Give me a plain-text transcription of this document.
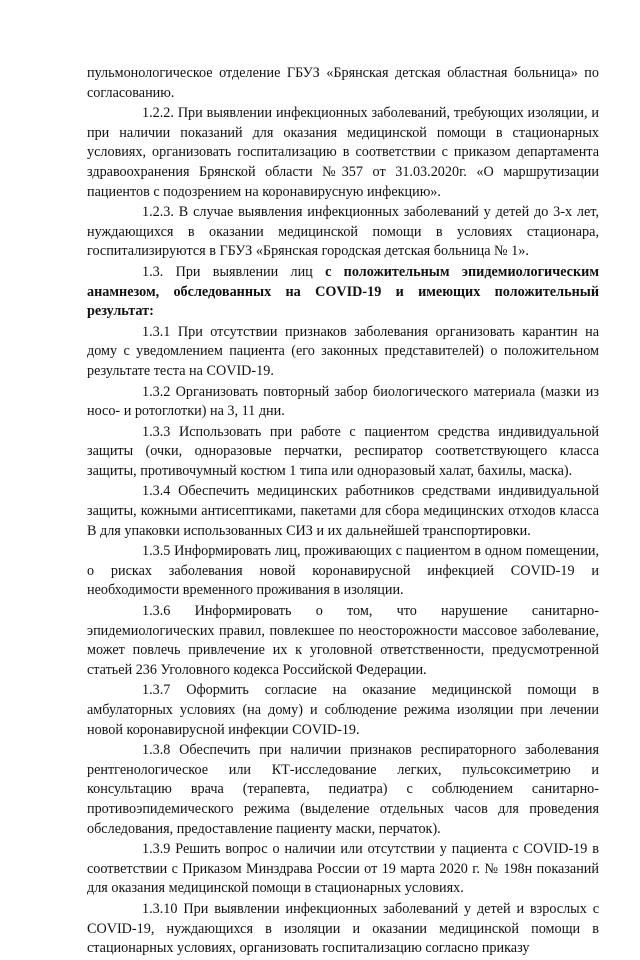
пульмонологическое отделение ГБУЗ «Брянская детская областная больница» по согласованию.

1.2.2. При выявлении инфекционных заболеваний, требующих изоляции, и при наличии показаний для оказания медицинской помощи в стационарных условиях, организовать госпитализацию в соответствии с приказом департамента здравоохранения Брянской области №357 от 31.03.2020г. «О маршрутизации пациентов с подозрением на коронавирусную инфекцию».

1.2.3. В случае выявления инфекционных заболеваний у детей до 3-х лет, нуждающихся в оказании медицинской помощи в условиях стационара, госпитализируются в ГБУЗ «Брянская городская детская больница № 1».

1.3. При выявлении лиц с положительным эпидемиологическим анамнезом, обследованных на COVID-19 и имеющих положительный результат:

1.3.1 При отсутствии признаков заболевания организовать карантин на дому с уведомлением пациента (его законных представителей) о положительном результате теста на COVID-19.

1.3.2 Организовать повторный забор биологического материала (мазки из носо- и ротоглотки) на 3, 11 дни.

1.3.3 Использовать при работе с пациентом средства индивидуальной защиты (очки, одноразовые перчатки, респиратор соответствующего класса защиты, противочумный костюм 1 типа или одноразовый халат, бахилы, маска).

1.3.4 Обеспечить медицинских работников средствами индивидуальной защиты, кожными антисептиками, пакетами для сбора медицинских отходов класса В для упаковки использованных СИЗ и их дальнейшей транспортировки.

1.3.5 Информировать лиц, проживающих с пациентом в одном помещении, о рисках заболевания новой коронавирусной инфекцией COVID-19 и необходимости временного проживания в изоляции.

1.3.6 Информировать о том, что нарушение санитарно-эпидемиологических правил, повлекшее по неосторожности массовое заболевание, может повлечь привлечение их к уголовной ответственности, предусмотренной статьей 236 Уголовного кодекса Российской Федерации.

1.3.7 Оформить согласие на оказание медицинской помощи в амбулаторных условиях (на дому) и соблюдение режима изоляции при лечении новой коронавирусной инфекции COVID-19.

1.3.8 Обеспечить при наличии признаков респираторного заболевания рентгенологическое или КТ-исследование легких, пульсоксиметрию и консультацию врача (терапевта, педиатра) с соблюдением санитарно-противоэпидемического режима (выделение отдельных часов для проведения обследования, предоставление пациенту маски, перчаток).

1.3.9 Решить вопрос о наличии или отсутствии у пациента с COVID-19 в соответствии с Приказом Минздрава России от 19 марта 2020 г. № 198н показаний для оказания медицинской помощи в стационарных условиях.

1.3.10 При выявлении инфекционных заболеваний у детей и взрослых с COVID-19, нуждающихся в изоляции и оказании медицинской помощи в стационарных условиях, организовать госпитализацию согласно приказу
